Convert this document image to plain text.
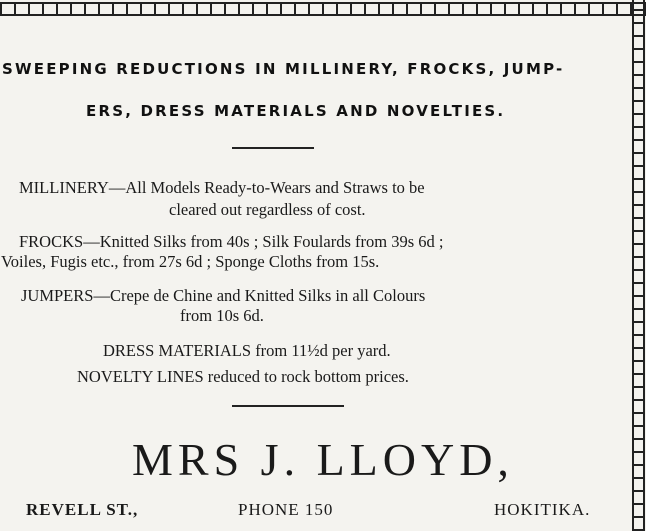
SWEEPING REDUCTIONS IN MILLINERY, FROCKS, JUMP-
ERS, DRESS MATERIALS AND NOVELTIES.
MILLINERY—All Models Ready-to-Wears and Straws to be
cleared out regardless of cost.
FROCKS—Knitted Silks from 40s ; Silk Foulards from 39s 6d ;
Voiles, Fugis etc., from 27s 6d ; Sponge Cloths from 15s.
JUMPERS—Crepe de Chine and Knitted Silks in all Colours
from 10s 6d.
DRESS MATERIALS from 11½d per yard.
NOVELTY LINES reduced to rock bottom prices.
MRS J. LLOYD,
REVELL ST.,	PHONE 150	HOKITIKA.
